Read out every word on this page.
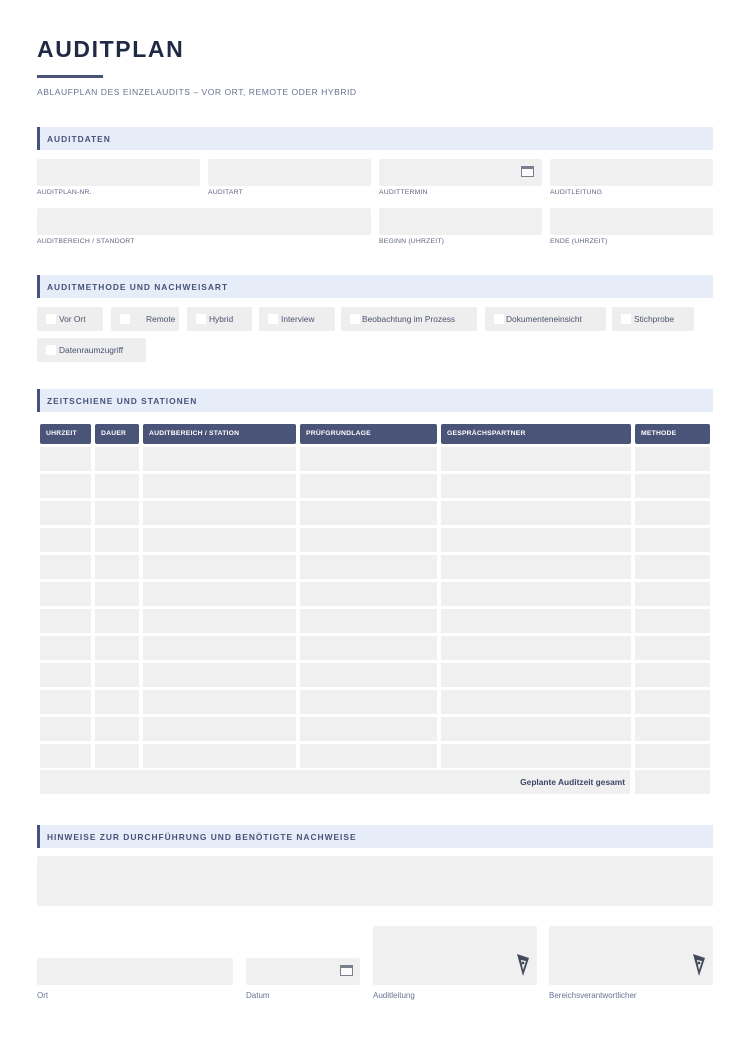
AUDITPLAN
ABLAUFPLAN DES EINZELAUDITS – VOR ORT, REMOTE ODER HYBRID
AUDITDATEN
AUDITPLAN-NR.	AUDITART	AUDITTERMIN	AUDITLEITUNG
AUDITBEREICH / STANDORT	BEGINN (UHRZEIT)	ENDE (UHRZEIT)
AUDITMETHODE UND NACHWEISART
Vor Ort	Remote	Hybrid	Interview	Beobachtung im Prozess	Dokumenteneinsicht	Stichprobe
Datenraumzugriff
ZEITSCHIENE UND STATIONEN
UHRZEIT	DAUER	AUDITBEREICH / STATION	PRÜFGRUNDLAGE	GESPRÄCHSPARTNER	METHODE
Geplante Auditzeit gesamt
HINWEISE ZUR DURCHFÜHRUNG UND BENÖTIGTE NACHWEISE
Ort	Datum	Auditleitung	Bereichsverantwortlicher
